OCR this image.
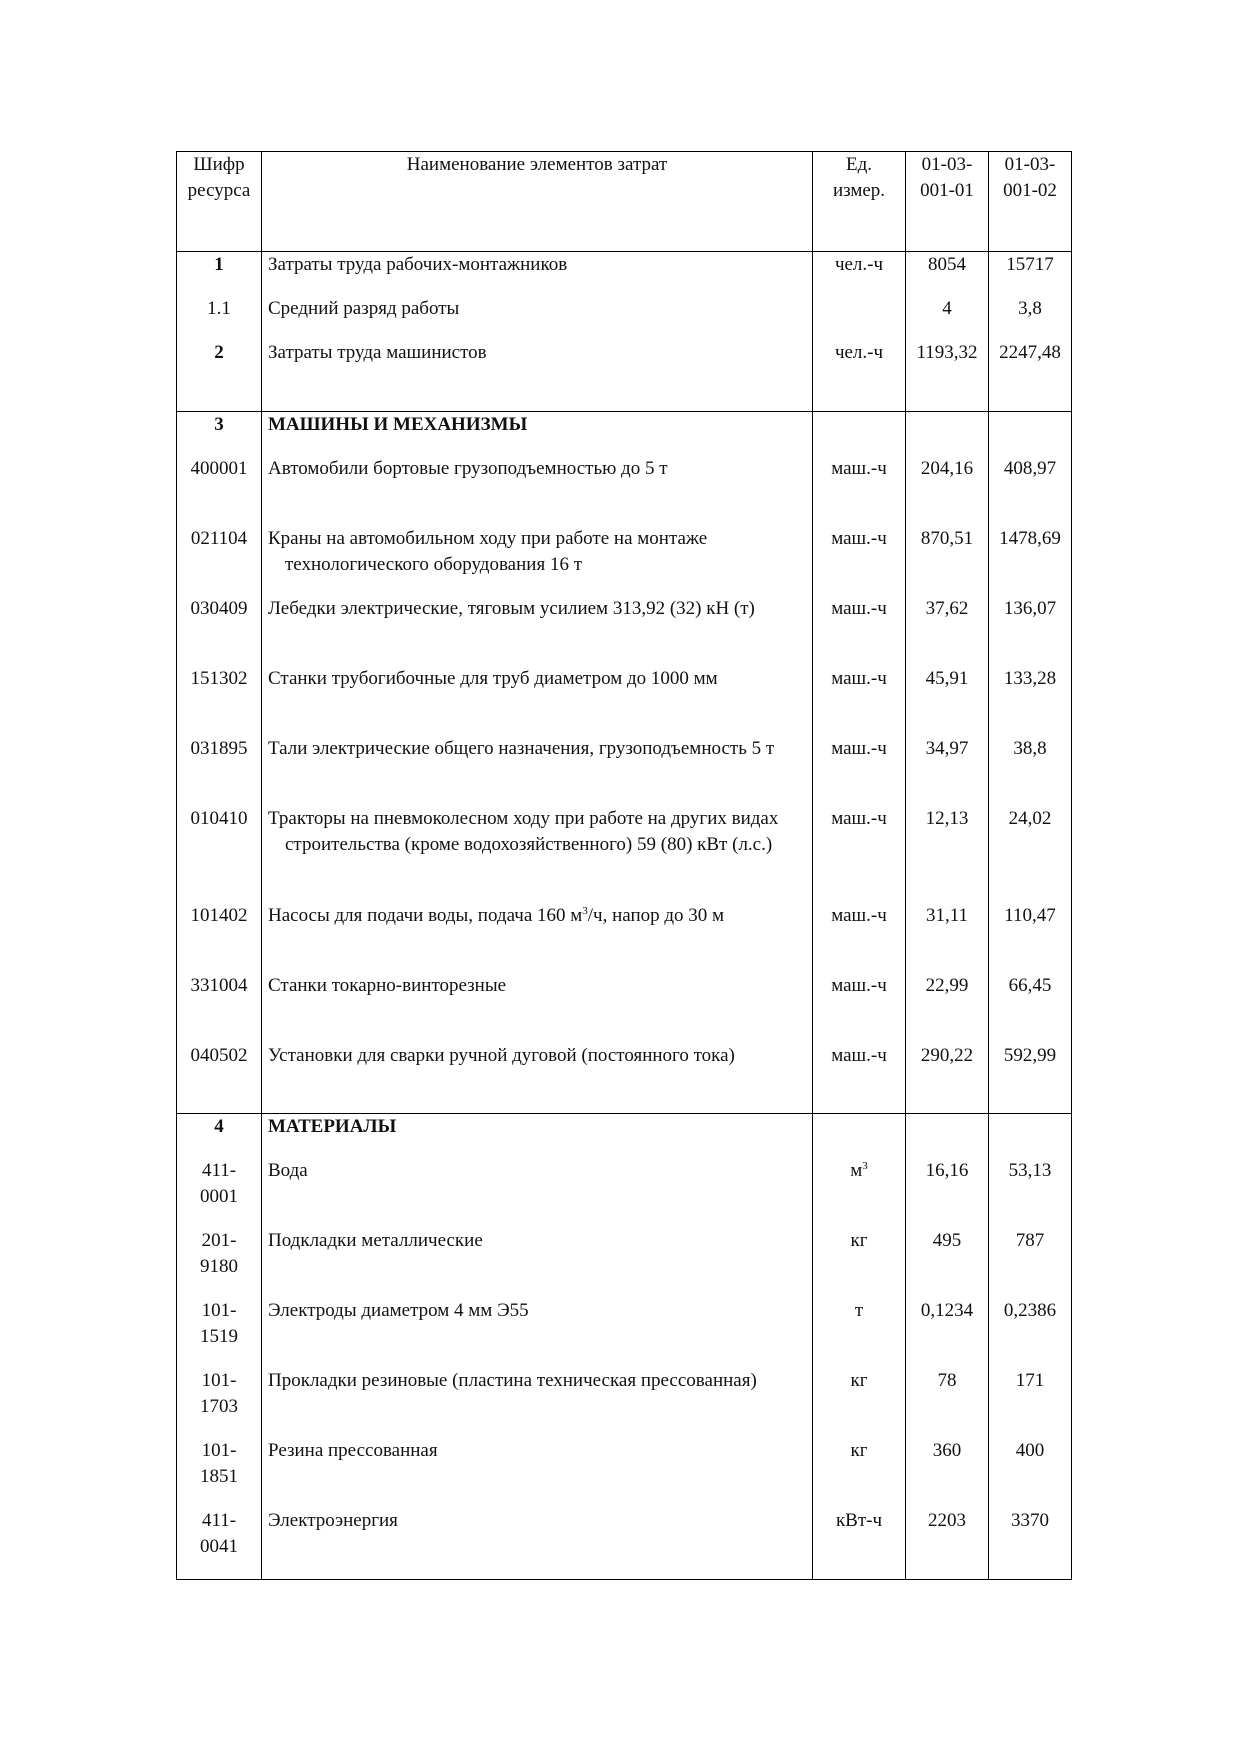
Шифр ресурса	Наименование элементов затрат	Ед. измер.	01-03-001-01	01-03-001-02
1	Затраты труда рабочих-монтажников	чел.-ч	8054	15717
1.1	Средний разряд работы		4	3,8
2	Затраты труда машинистов	чел.-ч	1193,32	2247,48
3	МАШИНЫ И МЕХАНИЗМЫ			
400001	Автомобили бортовые грузоподъемностью до 5 т	маш.-ч	204,16	408,97
021104	Краны на автомобильном ходу при работе на монтаже технологического оборудования 16 т	маш.-ч	870,51	1478,69
030409	Лебедки электрические, тяговым усилием 313,92 (32) кН (т)	маш.-ч	37,62	136,07
151302	Станки трубогибочные для труб диаметром до 1000 мм	маш.-ч	45,91	133,28
031895	Тали электрические общего назначения, грузоподъемность 5 т	маш.-ч	34,97	38,8
010410	Тракторы на пневмоколесном ходу при работе на других видах строительства (кроме водохозяйственного) 59 (80) кВт (л.с.)	маш.-ч	12,13	24,02
101402	Насосы для подачи воды, подача 160 $м^3/ч$, напор до 30 м	маш.-ч	31,11	110,47
331004	Станки токарно-винторезные	маш.-ч	22,99	66,45
040502	Установки для сварки ручной дуговой (постоянного тока)	маш.-ч	290,22	592,99
4	МАТЕРИАЛЫ			
411-0001	Вода	$м^3$	16,16	53,13
201-9180	Подкладки металлические	кг	495	787
101-1519	Электроды диаметром 4 мм Э55	т	0,1234	0,2386
101-1703	Прокладки резиновые (пластина техническая прессованная)	кг	78	171
101-1851	Резина прессованная	кг	360	400
411-0041	Электроэнергия	кВт-ч	2203	3370
